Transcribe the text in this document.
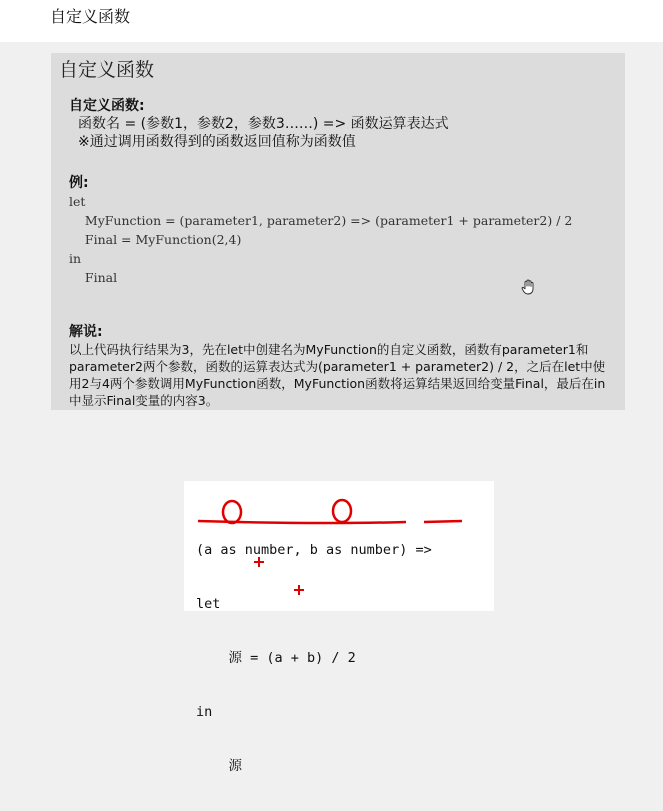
自定义函数
自定义函数
自定义函数:
函数名 = (参数1，参数2，参数3……) => 函数运算表达式
※通过调用函数得到的函数返回值称为函数值
例:
let
MyFunction = (parameter1, parameter2) => (parameter1 + parameter2) / 2
Final = MyFunction(2,4)
in
Final
解说:

以上代码执行结果为3，先在let中创建名为MyFunction的自定义函数，函数有parameter1和parameter2两个参数，函数的运算表达式为(parameter1 + parameter2) / 2，之后在let中使用2与4两个参数调用MyFunction函数，MyFunction函数将运算结果返回给变量Final，最后在in中显示Final变量的内容3。

(a as number, b as number) =>

let

源 = (a + b) / 2

in

源
